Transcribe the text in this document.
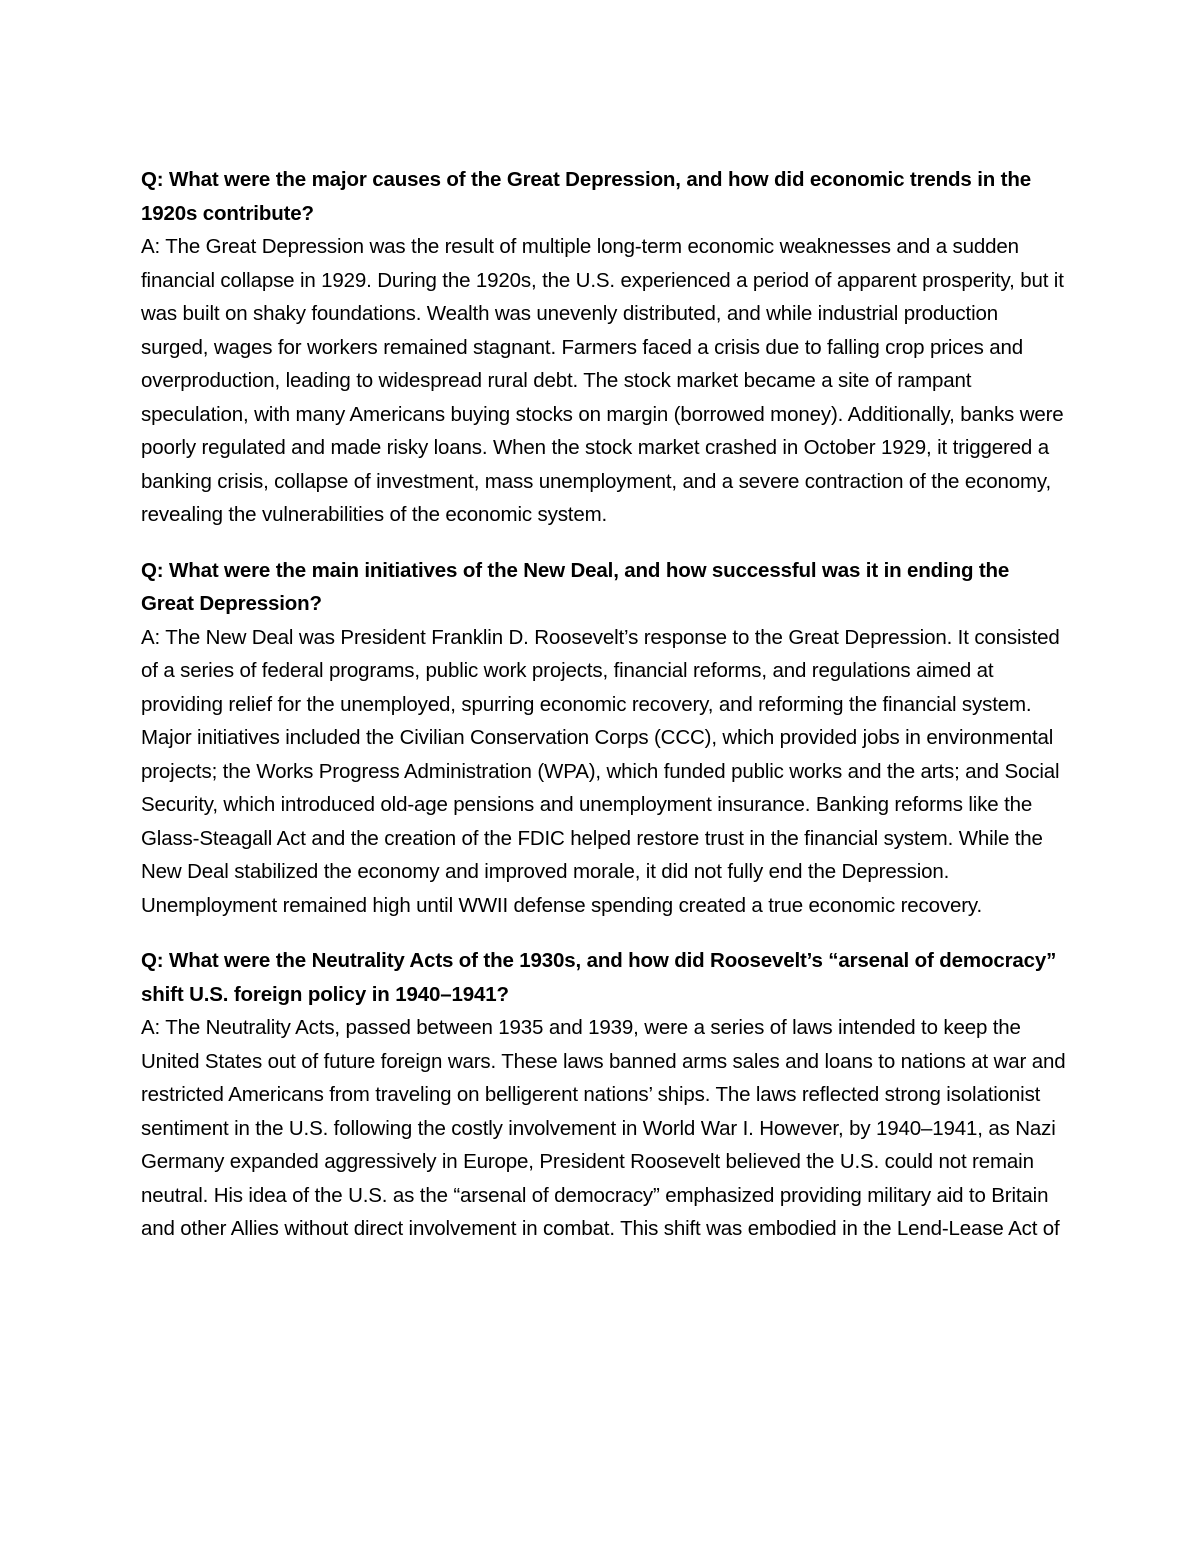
Q: What were the major causes of the Great Depression, and how did economic trends in the 1920s contribute?

A: The Great Depression was the result of multiple long-term economic weaknesses and a sudden financial collapse in 1929. During the 1920s, the U.S. experienced a period of apparent prosperity, but it was built on shaky foundations. Wealth was unevenly distributed, and while industrial production surged, wages for workers remained stagnant. Farmers faced a crisis due to falling crop prices and overproduction, leading to widespread rural debt. The stock market became a site of rampant speculation, with many Americans buying stocks on margin (borrowed money). Additionally, banks were poorly regulated and made risky loans. When the stock market crashed in October 1929, it triggered a banking crisis, collapse of investment, mass unemployment, and a severe contraction of the economy, revealing the vulnerabilities of the economic system.

Q: What were the main initiatives of the New Deal, and how successful was it in ending the Great Depression?

A: The New Deal was President Franklin D. Roosevelt’s response to the Great Depression. It consisted of a series of federal programs, public work projects, financial reforms, and regulations aimed at providing relief for the unemployed, spurring economic recovery, and reforming the financial system. Major initiatives included the Civilian Conservation Corps (CCC), which provided jobs in environmental projects; the Works Progress Administration (WPA), which funded public works and the arts; and Social Security, which introduced old-age pensions and unemployment insurance. Banking reforms like the Glass-Steagall Act and the creation of the FDIC helped restore trust in the financial system. While the New Deal stabilized the economy and improved morale, it did not fully end the Depression. Unemployment remained high until WWII defense spending created a true economic recovery.

Q: What were the Neutrality Acts of the 1930s, and how did Roosevelt’s “arsenal of democracy” shift U.S. foreign policy in 1940–1941?

A: The Neutrality Acts, passed between 1935 and 1939, were a series of laws intended to keep the United States out of future foreign wars. These laws banned arms sales and loans to nations at war and restricted Americans from traveling on belligerent nations’ ships. The laws reflected strong isolationist sentiment in the U.S. following the costly involvement in World War I. However, by 1940–1941, as Nazi Germany expanded aggressively in Europe, President Roosevelt believed the U.S. could not remain neutral. His idea of the U.S. as the “arsenal of democracy” emphasized providing military aid to Britain and other Allies without direct involvement in combat. This shift was embodied in the Lend-Lease Act of
